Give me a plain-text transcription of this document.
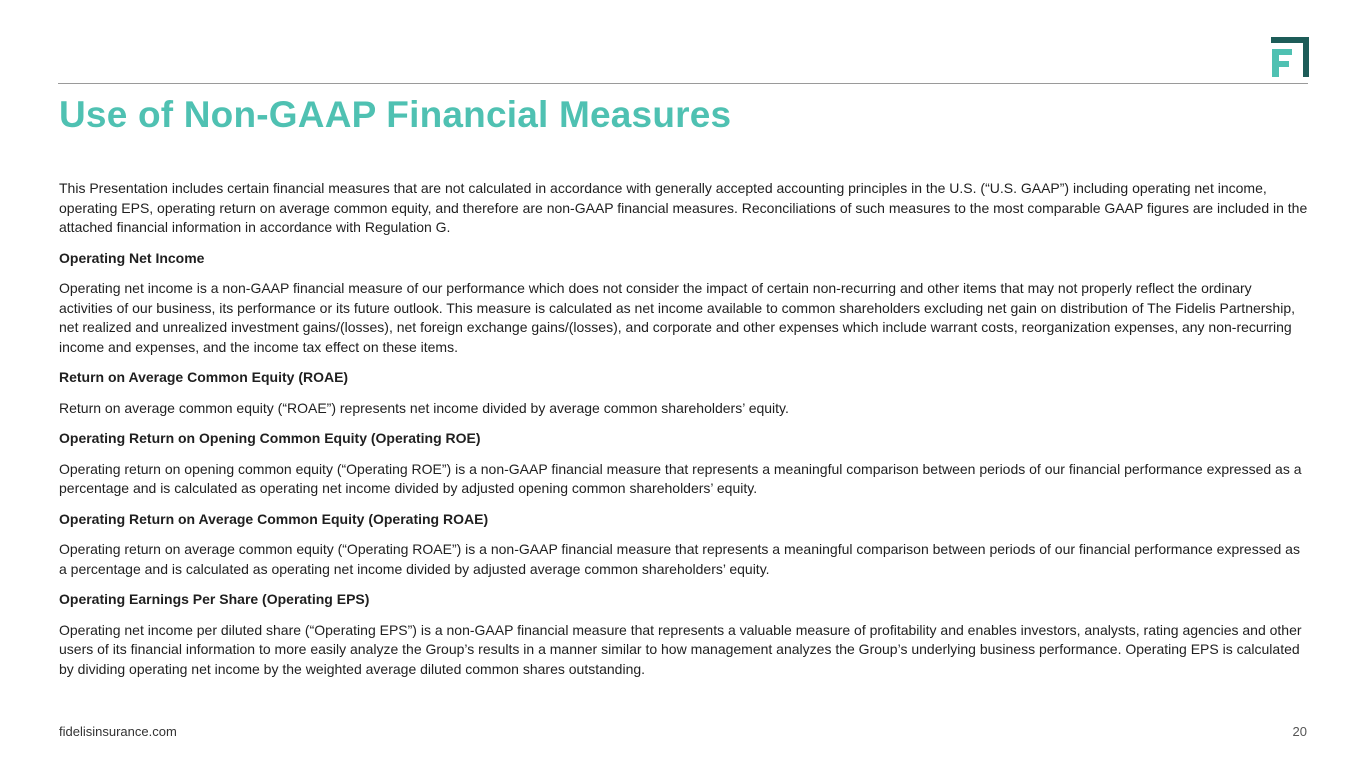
Use of Non-GAAP Financial Measures

This Presentation includes certain financial measures that are not calculated in accordance with generally accepted accounting principles in the U.S. (“U.S. GAAP”) including operating net income, operating EPS, operating return on average common equity, and therefore are non-GAAP financial measures. Reconciliations of such measures to the most comparable GAAP figures are included in the attached financial information in accordance with Regulation G.

Operating Net Income

Operating net income is a non-GAAP financial measure of our performance which does not consider the impact of certain non-recurring and other items that may not properly reflect the ordinary activities of our business, its performance or its future outlook. This measure is calculated as net income available to common shareholders excluding net gain on distribution of The Fidelis Partnership, net realized and unrealized investment gains/(losses), net foreign exchange gains/(losses), and corporate and other expenses which include warrant costs, reorganization expenses, any non-recurring income and expenses, and the income tax effect on these items.

Return on Average Common Equity (ROAE)

Return on average common equity (“ROAE”) represents net income divided by average common shareholders’ equity.

Operating Return on Opening Common Equity (Operating ROE)

Operating return on opening common equity (“Operating ROE”) is a non-GAAP financial measure that represents a meaningful comparison between periods of our financial performance expressed as a percentage and is calculated as operating net income divided by adjusted opening common shareholders’ equity.

Operating Return on Average Common Equity (Operating ROAE)

Operating return on average common equity (“Operating ROAE”) is a non-GAAP financial measure that represents a meaningful comparison between periods of our financial performance expressed as a percentage and is calculated as operating net income divided by adjusted average common shareholders’ equity.

Operating Earnings Per Share (Operating EPS)

Operating net income per diluted share (“Operating EPS”) is a non-GAAP financial measure that represents a valuable measure of profitability and enables investors, analysts, rating agencies and other users of its financial information to more easily analyze the Group’s results in a manner similar to how management analyzes the Group’s underlying business performance. Operating EPS is calculated by dividing operating net income by the weighted average diluted common shares outstanding.

fidelisinsurance.com	20
